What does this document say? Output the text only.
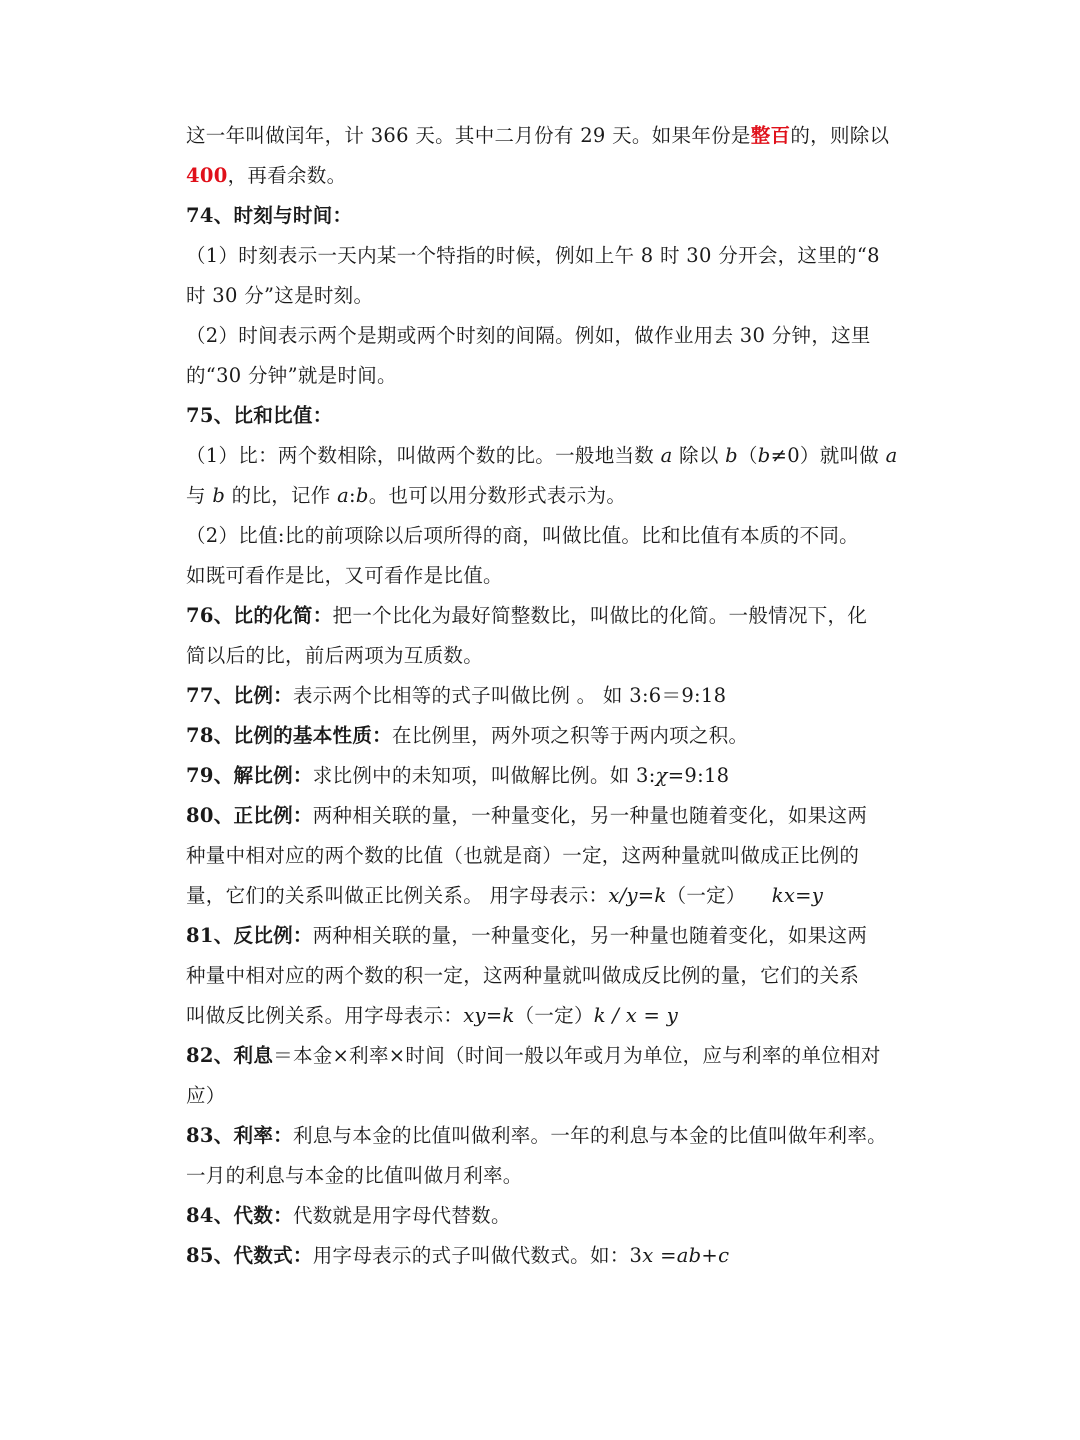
这一年叫做闰年，计 366 天。其中二月份有 29 天。如果年份是整百的，则除以
400，再看余数。
74、时刻与时间：
（1）时刻表示一天内某一个特指的时候，例如上午 8 时 30 分开会，这里的“8
时 30 分”这是时刻。
（2）时间表示两个是期或两个时刻的间隔。例如，做作业用去 30 分钟，这里
的“30 分钟”就是时间。
75、比和比值：
（1）比：两个数相除，叫做两个数的比。一般地当数 a 除以 b（b≠0）就叫做 a
与 b 的比，记作 a:b。也可以用分数形式表示为。
（2）比值:比的前项除以后项所得的商，叫做比值。比和比值有本质的不同。
如既可看作是比，又可看作是比值。
76、比的化简：把一个比化为最好简整数比，叫做比的化简。一般情况下，化
简以后的比，前后两项为互质数。
77、比例：表示两个比相等的式子叫做比例 。 如 3:6＝9:18
78、比例的基本性质：在比例里，两外项之积等于两内项之积。
79、解比例：求比例中的未知项，叫做解比例。如 3:χ=9:18
80、正比例：两种相关联的量，一种量变化，另一种量也随着变化，如果这两
种量中相对应的两个数的比值（也就是商）一定，这两种量就叫做成正比例的
量，它们的关系叫做正比例关系。 用字母表示：x/y=k（一定）    kx=y
81、反比例：两种相关联的量，一种量变化，另一种量也随着变化，如果这两
种量中相对应的两个数的积一定，这两种量就叫做成反比例的量，它们的关系
叫做反比例关系。用字母表示：xy=k（一定）k / x = y
82、利息＝本金×利率×时间（时间一般以年或月为单位，应与利率的单位相对
应）
83、利率：利息与本金的比值叫做利率。一年的利息与本金的比值叫做年利率。
一月的利息与本金的比值叫做月利率。
84、代数：代数就是用字母代替数。
85、代数式：用字母表示的式子叫做代数式。如：3x =ab+c
